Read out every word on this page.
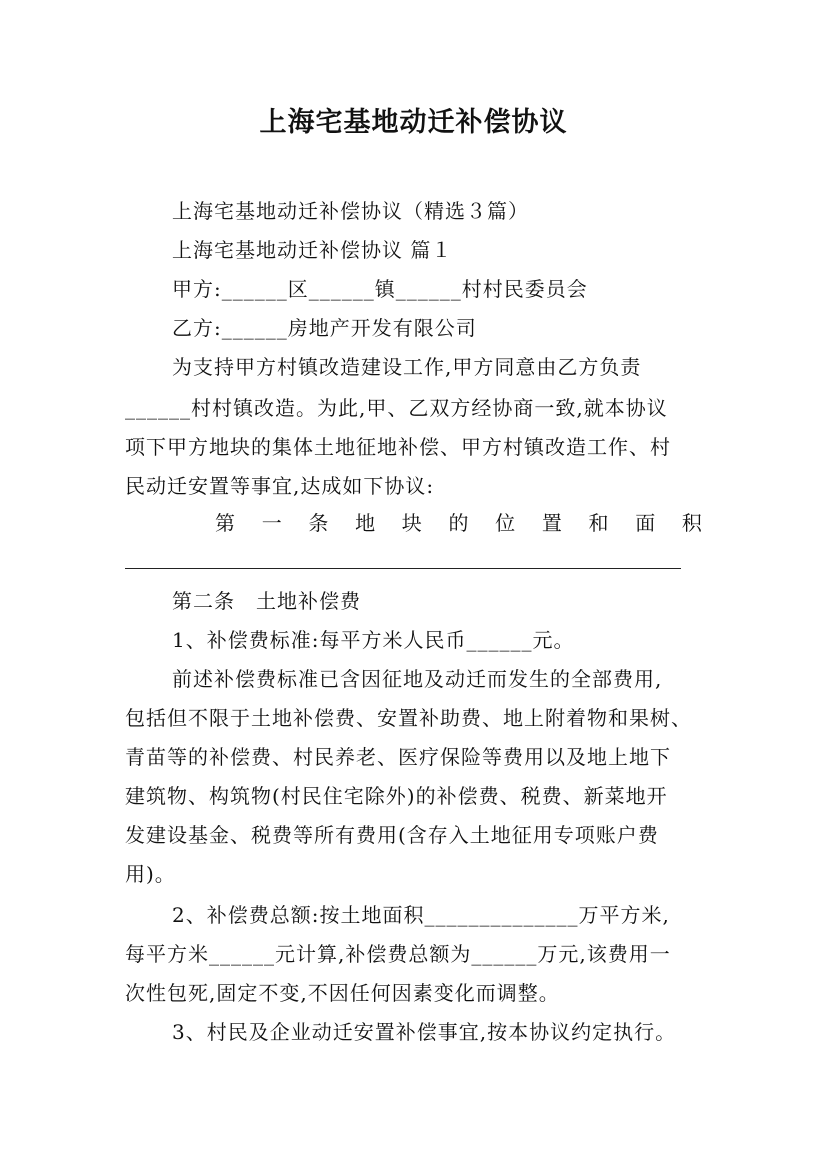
上海宅基地动迁补偿协议
上海宅基地动迁补偿协议（精选３篇）
上海宅基地动迁补偿协议 篇１
甲方:______区______镇______村村民委员会
乙方:______房地产开发有限公司
为支持甲方村镇改造建设工作,甲方同意由乙方负责
______村村镇改造。为此,甲、乙双方经协商一致,就本协议
项下甲方地块的集体土地征地补偿、甲方村镇改造工作、村
民动迁安置等事宜,达成如下协议:
第 一 条 地 块 的 位 置 和 面 积
第二条　土地补偿费
1、补偿费标准:每平方米人民币______元。
前述补偿费标准已含因征地及动迁而发生的全部费用,
包括但不限于土地补偿费、安置补助费、地上附着物和果树、
青苗等的补偿费、村民养老、医疗保险等费用以及地上地下
建筑物、构筑物(村民住宅除外)的补偿费、税费、新菜地开
发建设基金、税费等所有费用(含存入土地征用专项账户费
用)。
2、补偿费总额:按土地面积______________万平方米,
每平方米______元计算,补偿费总额为______万元,该费用一
次性包死,固定不变,不因任何因素变化而调整。
3、村民及企业动迁安置补偿事宜,按本协议约定执行。
